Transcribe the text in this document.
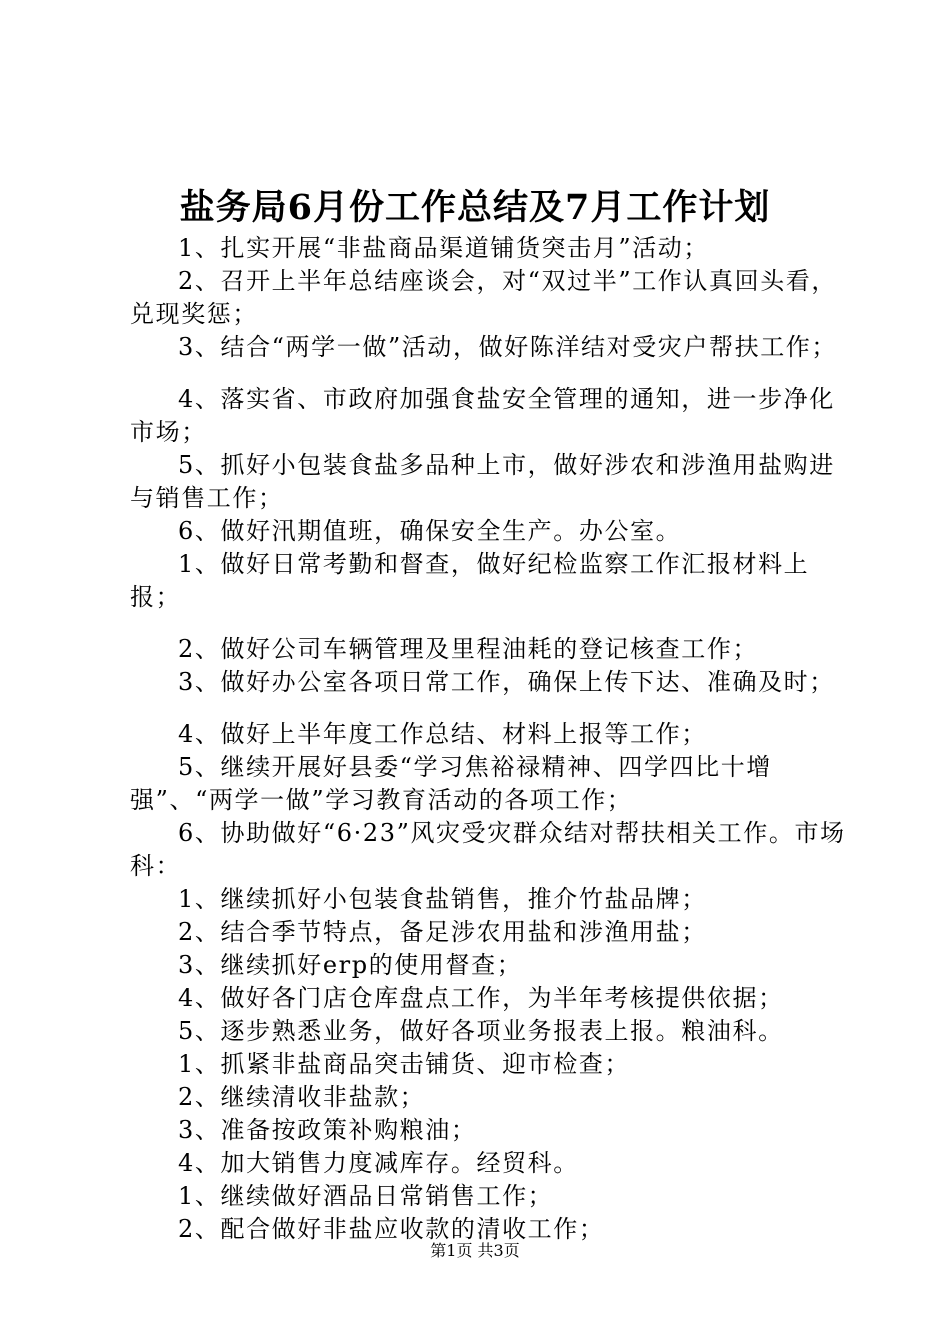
盐务局6月份工作总结及7月工作计划

1、扎实开展“非盐商品渠道铺货突击月”活动；

2、召开上半年总结座谈会，对“双过半”工作认真回头看，兑现奖惩；

3、结合“两学一做”活动，做好陈洋结对受灾户帮扶工作；

4、落实省、市政府加强食盐安全管理的通知，进一步净化市场；

5、抓好小包装食盐多品种上市，做好涉农和涉渔用盐购进与销售工作；

6、做好汛期值班，确保安全生产。办公室。

1、做好日常考勤和督查，做好纪检监察工作汇报材料上报；

2、做好公司车辆管理及里程油耗的登记核查工作；

3、做好办公室各项日常工作，确保上传下达、准确及时；

4、做好上半年度工作总结、材料上报等工作；

5、继续开展好县委“学习焦裕禄精神、四学四比十增强”、“两学一做”学习教育活动的各项工作；

6、协助做好“6·23”风灾受灾群众结对帮扶相关工作。市场科：

1、继续抓好小包装食盐销售，推介竹盐品牌；

2、结合季节特点，备足涉农用盐和涉渔用盐；

3、继续抓好erp的使用督查；

4、做好各门店仓库盘点工作，为半年考核提供依据；

5、逐步熟悉业务，做好各项业务报表上报。粮油科。

1、抓紧非盐商品突击铺货、迎市检查；

2、继续清收非盐款；

3、准备按政策补购粮油；

4、加大销售力度减库存。经贸科。

1、继续做好酒品日常销售工作；

2、配合做好非盐应收款的清收工作；

第1页 共3页
